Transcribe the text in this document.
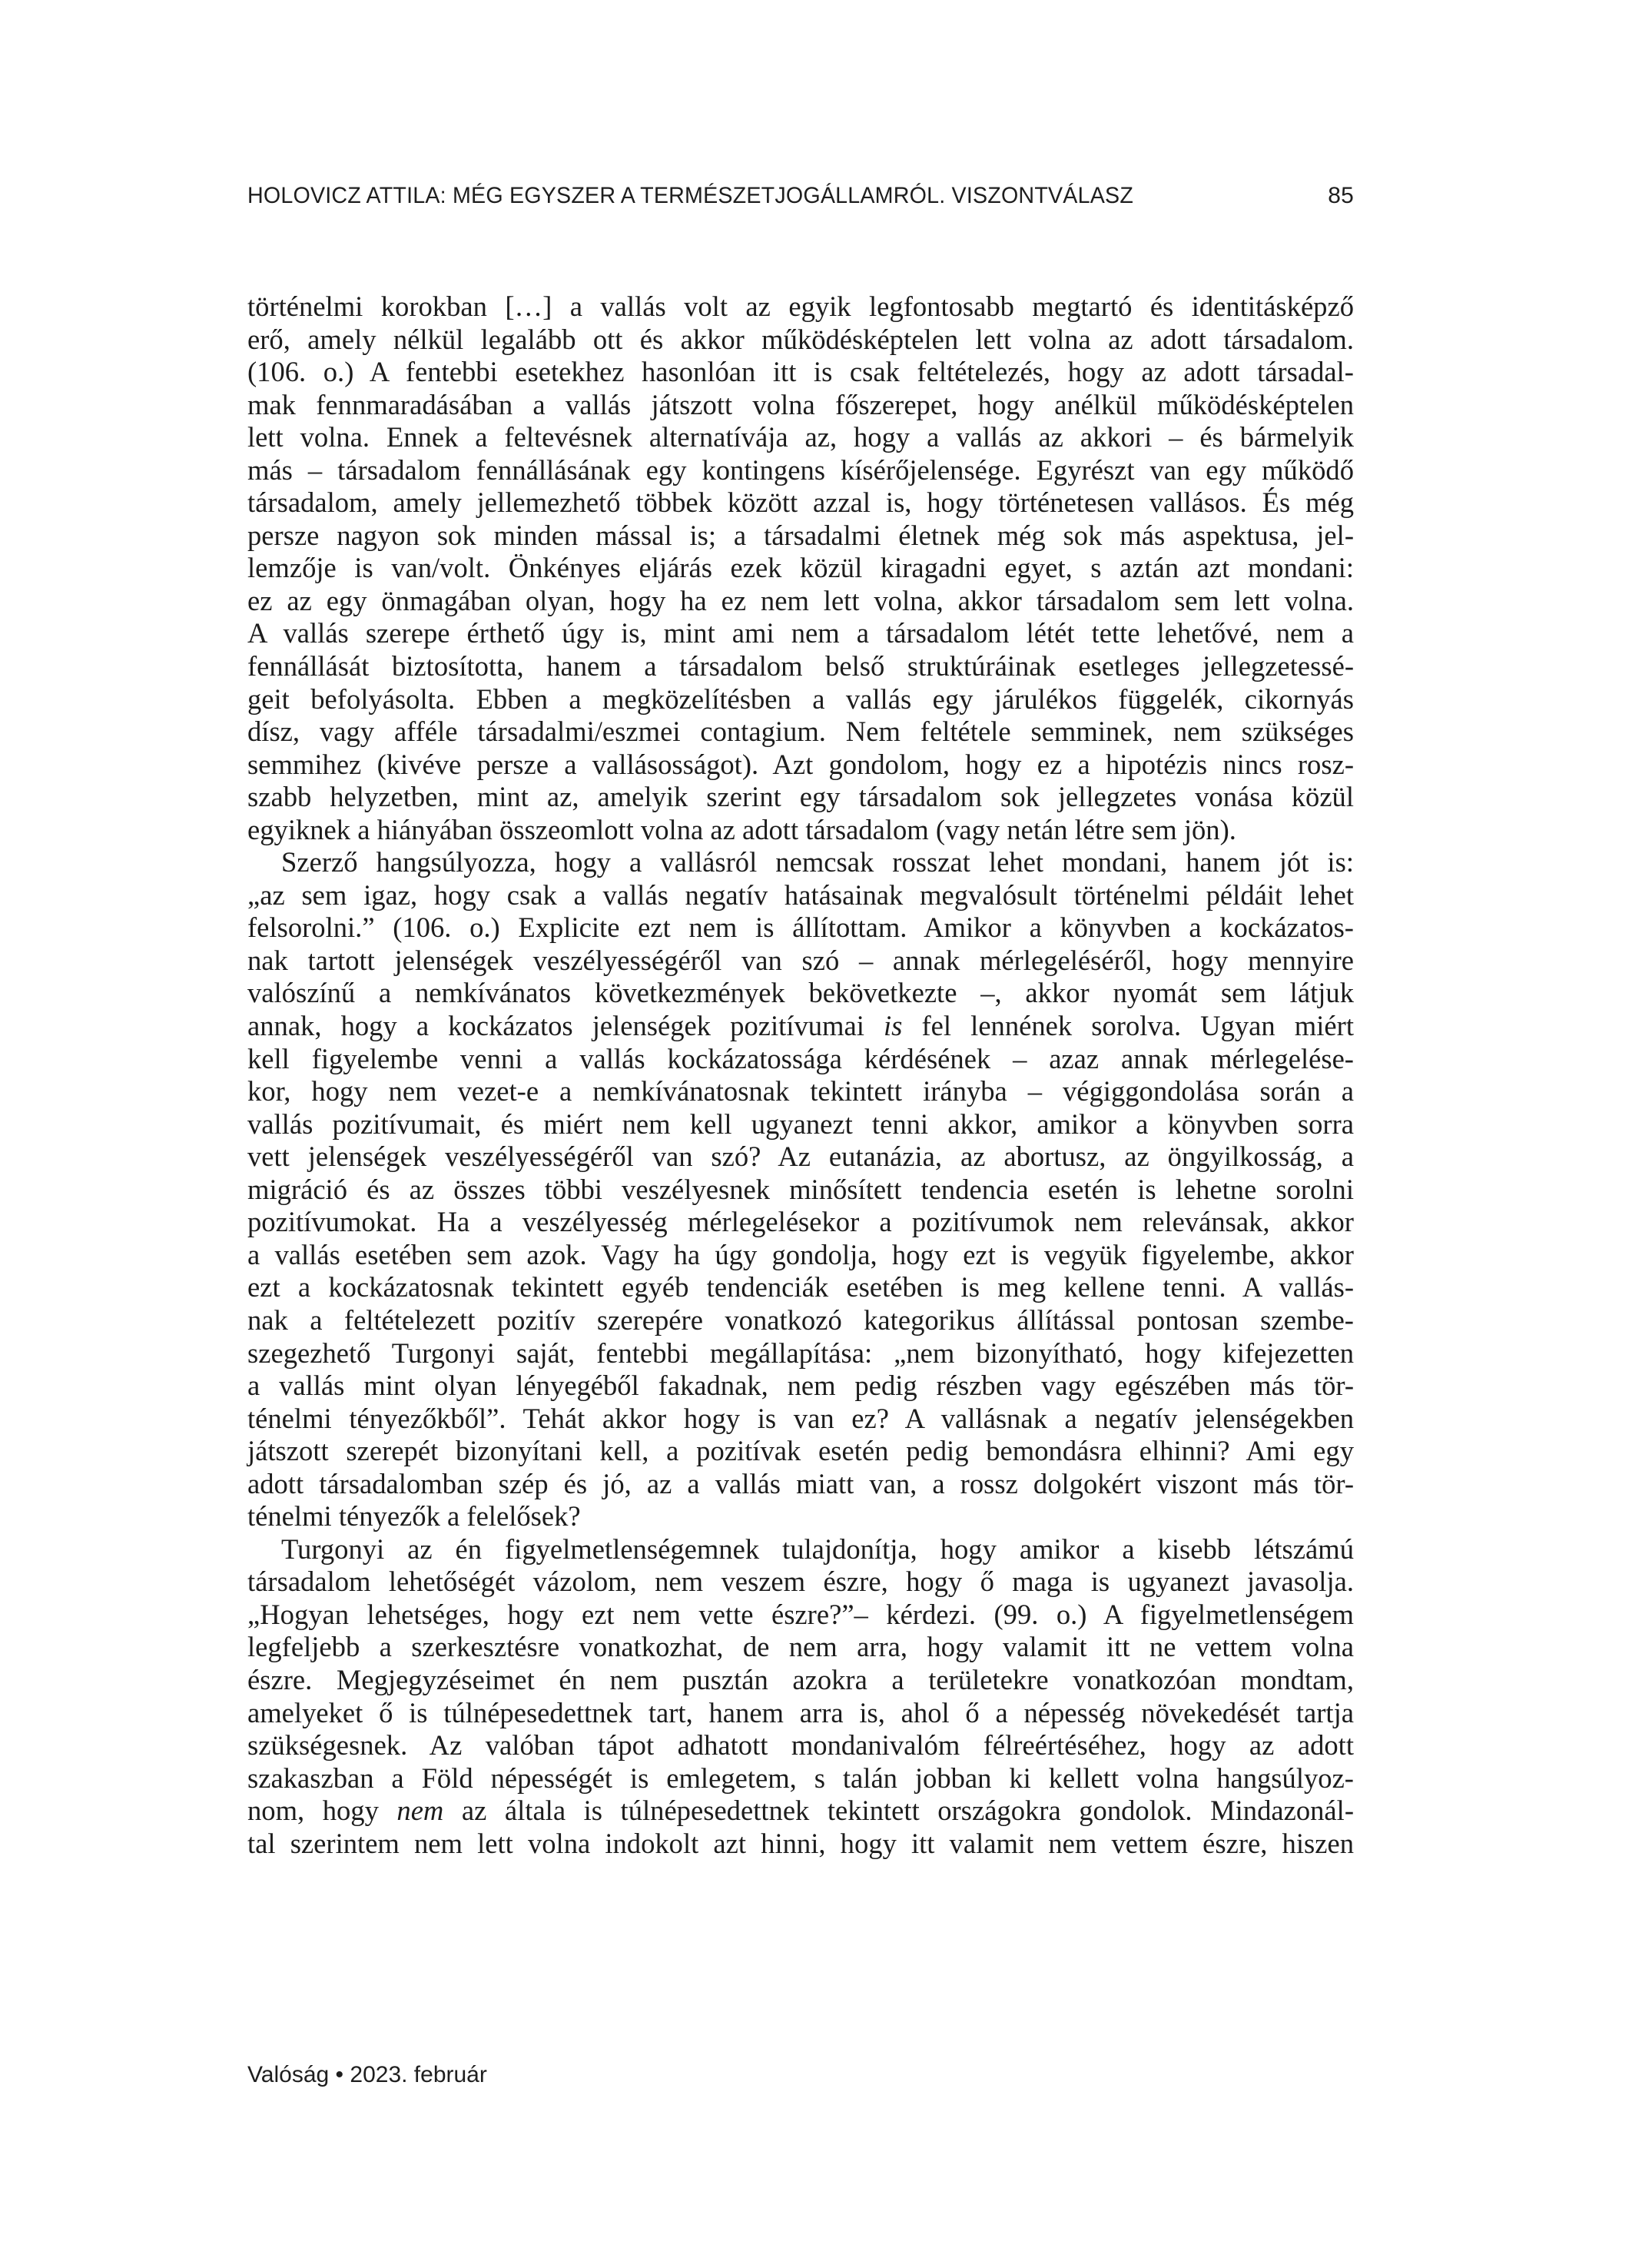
HOLOVICZ ATTILA: MÉG EGYSZER A TERMÉSZETJOGÁLLAMRÓL. VISZONTVÁLASZ	85
történelmi korokban […] a vallás volt az egyik legfontosabb megtartó és identitásképző
erő, amely nélkül legalább ott és akkor működésképtelen lett volna az adott társadalom.
(106. o.) A fentebbi esetekhez hasonlóan itt is csak feltételezés, hogy az adott társadal-
mak fennmaradásában a vallás játszott volna főszerepet, hogy anélkül működésképtelen
lett volna. Ennek a feltevésnek alternatívája az, hogy a vallás az akkori – és bármelyik
más – társadalom fennállásának egy kontingens kísérőjelensége. Egyrészt van egy működő
társadalom, amely jellemezhető többek között azzal is, hogy történetesen vallásos. És még
persze nagyon sok minden mással is; a társadalmi életnek még sok más aspektusa, jel-
lemzője is van/volt. Önkényes eljárás ezek közül kiragadni egyet, s aztán azt mondani:
ez az egy önmagában olyan, hogy ha ez nem lett volna, akkor társadalom sem lett volna.
A vallás szerepe érthető úgy is, mint ami nem a társadalom létét tette lehetővé, nem a
fennállását biztosította, hanem a társadalom belső struktúráinak esetleges jellegzetessé-
geit befolyásolta. Ebben a megközelítésben a vallás egy járulékos függelék, cikornyás
dísz, vagy afféle társadalmi/eszmei contagium. Nem feltétele semminek, nem szükséges
semmihez (kivéve persze a vallásosságot). Azt gondolom, hogy ez a hipotézis nincs rosz-
szabb helyzetben, mint az, amelyik szerint egy társadalom sok jellegzetes vonása közül
egyiknek a hiányában összeomlott volna az adott társadalom (vagy netán létre sem jön).
Szerző hangsúlyozza, hogy a vallásról nemcsak rosszat lehet mondani, hanem jót is:
„az sem igaz, hogy csak a vallás negatív hatásainak megvalósult történelmi példáit lehet
felsorolni.” (106. o.) Explicite ezt nem is állítottam. Amikor a könyvben a kockázatos-
nak tartott jelenségek veszélyességéről van szó – annak mérlegeléséről, hogy mennyire
valószínű a nemkívánatos következmények bekövetkezte –, akkor nyomát sem látjuk
annak, hogy a kockázatos jelenségek pozitívumai is fel lennének sorolva. Ugyan miért
kell figyelembe venni a vallás kockázatossága kérdésének – azaz annak mérlegelése-
kor, hogy nem vezet-e a nemkívánatosnak tekintett irányba – végiggondolása során a
vallás pozitívumait, és miért nem kell ugyanezt tenni akkor, amikor a könyvben sorra
vett jelenségek veszélyességéről van szó? Az eutanázia, az abortusz, az öngyilkosság, a
migráció és az összes többi veszélyesnek minősített tendencia esetén is lehetne sorolni
pozitívumokat. Ha a veszélyesség mérlegelésekor a pozitívumok nem relevánsak, akkor
a vallás esetében sem azok. Vagy ha úgy gondolja, hogy ezt is vegyük figyelembe, akkor
ezt a kockázatosnak tekintett egyéb tendenciák esetében is meg kellene tenni. A vallás-
nak a feltételezett pozitív szerepére vonatkozó kategorikus állítással pontosan szembe-
szegezhető Turgonyi saját, fentebbi megállapítása: „nem bizonyítható, hogy kifejezetten
a vallás mint olyan lényegéből fakadnak, nem pedig részben vagy egészében más tör-
ténelmi tényezőkből”. Tehát akkor hogy is van ez? A vallásnak a negatív jelenségekben
játszott szerepét bizonyítani kell, a pozitívak esetén pedig bemondásra elhinni? Ami egy
adott társadalomban szép és jó, az a vallás miatt van, a rossz dolgokért viszont más tör-
ténelmi tényezők a felelősek?
Turgonyi az én figyelmetlenségemnek tulajdonítja, hogy amikor a kisebb létszámú
társadalom lehetőségét vázolom, nem veszem észre, hogy ő maga is ugyanezt javasolja.
„Hogyan lehetséges, hogy ezt nem vette észre?”– kérdezi. (99. o.) A figyelmetlenségem
legfeljebb a szerkesztésre vonatkozhat, de nem arra, hogy valamit itt ne vettem volna
észre. Megjegyzéseimet én nem pusztán azokra a területekre vonatkozóan mondtam,
amelyeket ő is túlnépesedettnek tart, hanem arra is, ahol ő a népesség növekedését tartja
szükségesnek. Az valóban tápot adhatott mondanivalóm félreértéséhez, hogy az adott
szakaszban a Föld népességét is emlegetem, s talán jobban ki kellett volna hangsúlyoz-
nom, hogy nem az általa is túlnépesedettnek tekintett országokra gondolok. Mindazonál-
tal szerintem nem lett volna indokolt azt hinni, hogy itt valamit nem vettem észre, hiszen
Valóság • 2023. február
